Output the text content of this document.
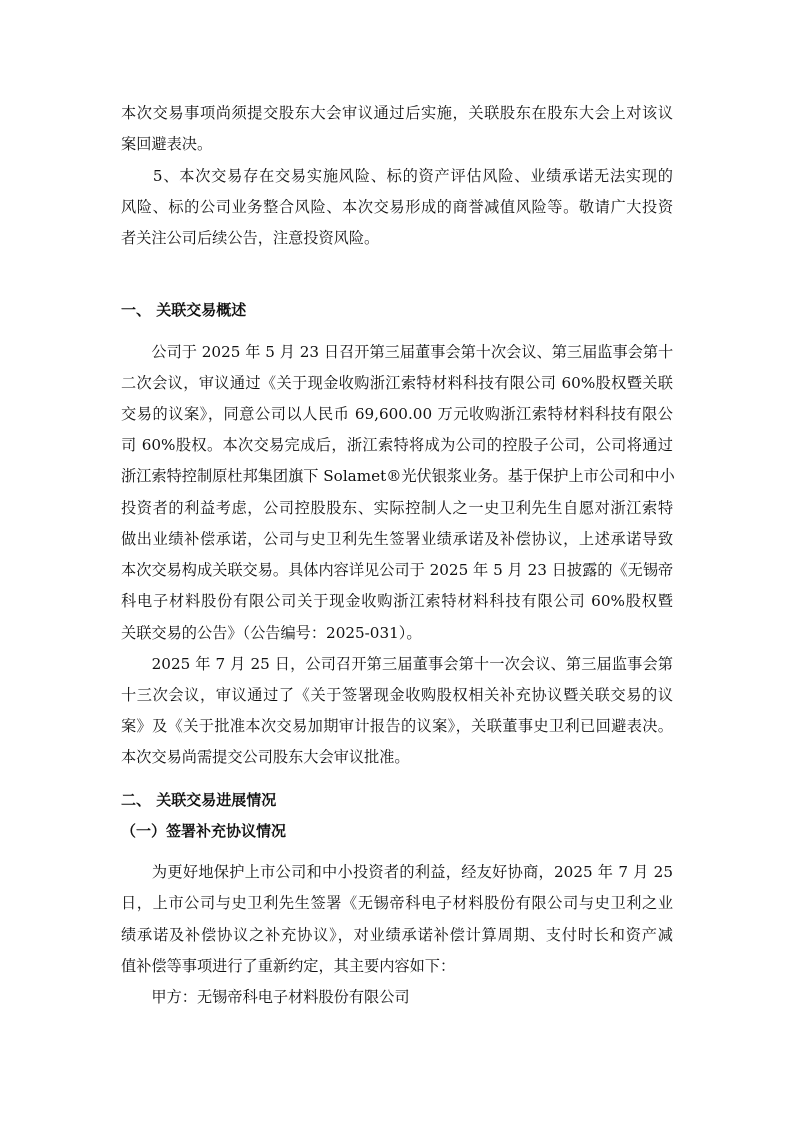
本次交易事项尚须提交股东大会审议通过后实施，关联股东在股东大会上对该议
案回避表决。
　　5、本次交易存在交易实施风险、标的资产评估风险、业绩承诺无法实现的
风险、标的公司业务整合风险、本次交易形成的商誉减值风险等。敬请广大投资
者关注公司后续公告，注意投资风险。
一、 关联交易概述
　　公司于 2025 年 5 月 23 日召开第三届董事会第十次会议、第三届监事会第十
二次会议，审议通过《关于现金收购浙江索特材料科技有限公司 60%股权暨关联
交易的议案》，同意公司以人民币 69,600.00 万元收购浙江索特材料科技有限公
司 60%股权。本次交易完成后，浙江索特将成为公司的控股子公司，公司将通过
浙江索特控制原杜邦集团旗下 Solamet®光伏银浆业务。基于保护上市公司和中小
投资者的利益考虑，公司控股股东、实际控制人之一史卫利先生自愿对浙江索特
做出业绩补偿承诺，公司与史卫利先生签署业绩承诺及补偿协议，上述承诺导致
本次交易构成关联交易。具体内容详见公司于 2025 年 5 月 23 日披露的《无锡帝
科电子材料股份有限公司关于现金收购浙江索特材料科技有限公司 60%股权暨
关联交易的公告》（公告编号：2025-031）。
　　2025 年 7 月 25 日，公司召开第三届董事会第十一次会议、第三届监事会第
十三次会议，审议通过了《关于签署现金收购股权相关补充协议暨关联交易的议
案》及《关于批准本次交易加期审计报告的议案》，关联董事史卫利已回避表决。
本次交易尚需提交公司股东大会审议批准。
二、 关联交易进展情况
（一）签署补充协议情况
　　为更好地保护上市公司和中小投资者的利益，经友好协商，2025 年 7 月 25
日，上市公司与史卫利先生签署《无锡帝科电子材料股份有限公司与史卫利之业
绩承诺及补偿协议之补充协议》，对业绩承诺补偿计算周期、支付时长和资产减
值补偿等事项进行了重新约定，其主要内容如下：
　　甲方：无锡帝科电子材料股份有限公司
